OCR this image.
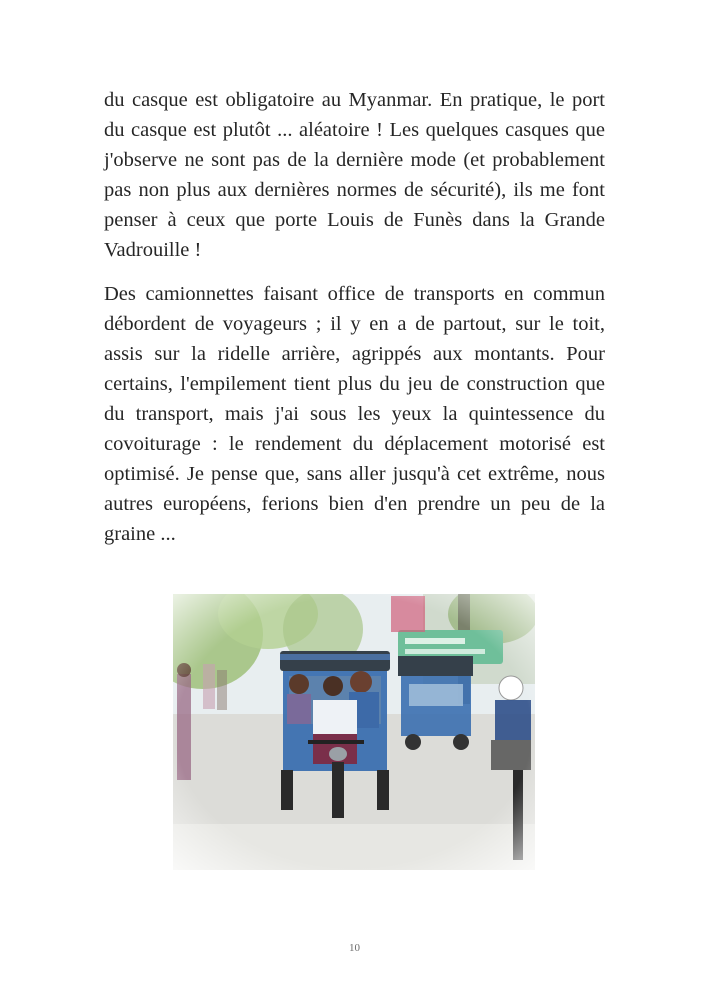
du casque est obligatoire au Myanmar. En pratique, le port du casque est plutôt ... aléatoire ! Les quelques casques que j'observe ne sont pas de la dernière mode (et probablement pas non plus aux dernières normes de sécurité), ils me font penser à ceux que porte Louis de Funès dans la Grande Vadrouille !
Des camionnettes faisant office de transports en commun débordent de voyageurs ; il y en a de partout, sur le toit, assis sur la ridelle arrière, agrippés aux montants. Pour certains, l'empilement tient plus du jeu de construction que du transport, mais j'ai sous les yeux la quintessence du covoiturage : le rendement du déplacement motorisé est optimisé. Je pense que, sans aller jusqu'à cet extrême, nous autres européens, ferions bien d'en prendre un peu de la graine ...
10
